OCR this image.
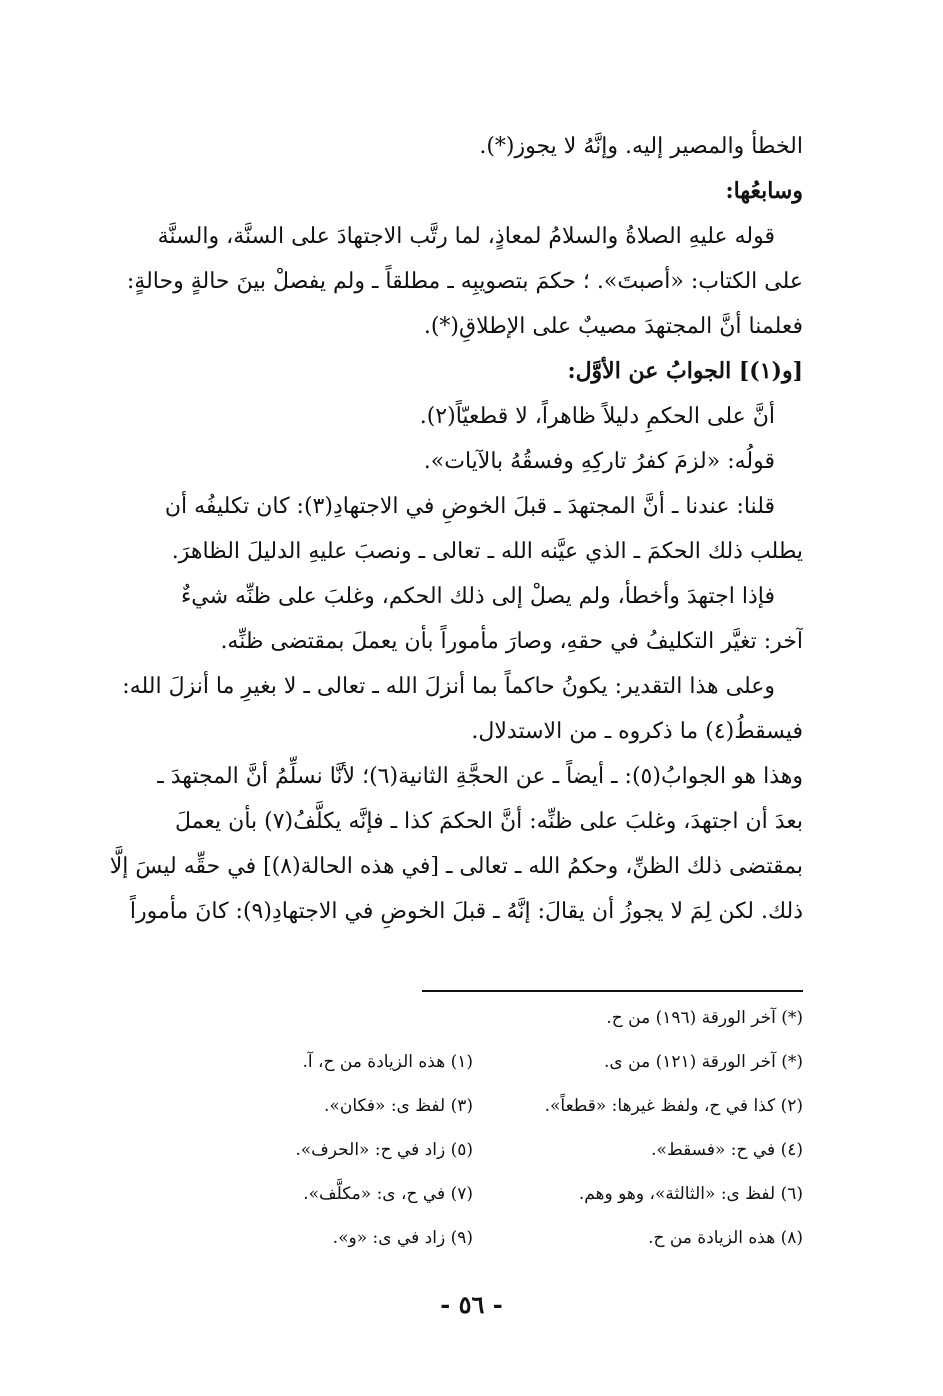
الخطأ والمصير إليه. وإنَّهُ لا يجوز(*).
وسابعُها:
قوله عليهِ الصلاةُ والسلامُ لمعاذٍ، لما رتَّب الاجتهادَ على السنَّة، والسنَّة
على الكتاب: «أصبتَ». ؛ حكمَ بتصويبِه ـ مطلقاً ـ ولم يفصلْ بينَ حالةٍ وحالةٍ:
فعلمنا أنَّ المجتهدَ مصيبٌ على الإطلاقِ(*).
[و(١)] الجوابُ عن الأوَّل:
أنَّ على الحكمِ دليلاً ظاهراً، لا قطعيّاً(٢).
قولُه: «لزمَ كفرُ تاركِهِ وفسقُهُ بالآيات».
قلنا: عندنا ـ أنَّ المجتهدَ ـ قبلَ الخوضِ في الاجتهادِ(٣): كان تكليفُه أن
يطلب ذلك الحكمَ ـ الذي عيَّنه الله ـ تعالى ـ ونصبَ عليهِ الدليلَ الظاهرَ.
فإذا اجتهدَ وأخطأ، ولم يصلْ إلى ذلك الحكم، وغلبَ على ظنِّه شيءٌ
آخر: تغيَّر التكليفُ في حقهِ، وصارَ مأموراً بأن يعملَ بمقتضى ظنِّه.
وعلى هذا التقدير: يكونُ حاكماً بما أنزلَ الله ـ تعالى ـ لا بغيرِ ما أنزلَ الله:
فيسقطُ(٤) ما ذكروه ـ من الاستدلال.
وهذا هو الجوابُ(٥): ـ أيضاً ـ عن الحجَّةِ الثانية(٦)؛ لأنَّا نسلِّمُ أنَّ المجتهدَ ـ
بعدَ أن اجتهدَ، وغلبَ على ظنِّه: أنَّ الحكمَ كذا ـ فإنَّه يكلَّفُ(٧) بأن يعملَ
بمقتضى ذلك الظنِّ، وحكمُ الله ـ تعالى ـ [في هذه الحالة(٨)] في حقِّه ليسَ إلَّا
ذلك. لكن لِمَ لا يجوزُ أن يقالَ: إنَّهُ ـ قبلَ الخوضِ في الاجتهادِ(٩): كانَ مأموراً
(*) آخر الورقة (١٩٦) من ح.
(*) آخر الورقة (١٢١) من ى.
(١) هذه الزيادة من ح، آ.
(٢) كذا في ح، ولفظ غيرها: «قطعاً».
(٣) لفظ ى: «فكان».
(٤) في ح: «فسقط».
(٥) زاد في ح: «الحرف».
(٦) لفظ ى: «الثالثة»، وهو وهم.
(٧) في ح، ى: «مكلَّف».
(٨) هذه الزيادة من ح.
(٩) زاد في ى: «و».
- ٥٦ -
